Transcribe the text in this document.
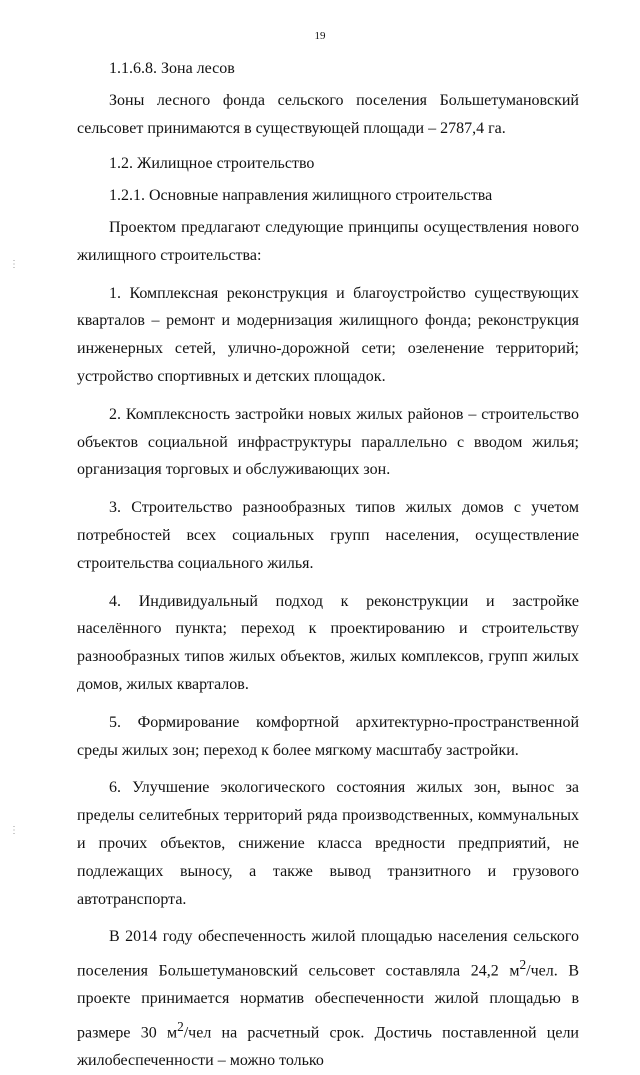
19
⋮
⋮

1.1.6.8. Зона лесов

Зоны лесного фонда сельского поселения Большетумановский сельсовет принимаются в существующей площади – 2787,4 га.

1.2. Жилищное строительство

1.2.1. Основные направления жилищного строительства

Проектом предлагают следующие принципы осуществления нового жилищного строительства:

1. Комплексная реконструкция и благоустройство существующих кварталов – ремонт и модернизация жилищного фонда; реконструкция инженерных сетей, улично-дорожной сети; озеленение территорий; устройство спортивных и детских площадок.

2. Комплексность застройки новых жилых районов – строительство объектов социальной инфраструктуры параллельно с вводом жилья; организация торговых и обслуживающих зон.

3. Строительство разнообразных типов жилых домов с учетом потребностей всех социальных групп населения, осуществление строительства социального жилья.

4. Индивидуальный подход к реконструкции и застройке населённого пункта; переход к проектированию и строительству разнообразных типов жилых объектов, жилых комплексов, групп жилых домов, жилых кварталов.

5. Формирование комфортной архитектурно-пространственной среды жилых зон; переход к более мягкому масштабу застройки.

6. Улучшение экологического состояния жилых зон, вынос за пределы селитебных территорий ряда производственных, коммунальных и прочих объектов, снижение класса вредности предприятий, не подлежащих выносу, а также вывод транзитного и грузового автотранспорта.

В 2014 году обеспеченность жилой площадью населения сельского поселения Большетумановский сельсовет составляла 24,2 $м^2$/чел. В проекте принимается норматив обеспеченности жилой площадью в размере 30 $м^2$/чел на расчетный срок. Достичь поставленной цели жилобеспеченности – можно только
